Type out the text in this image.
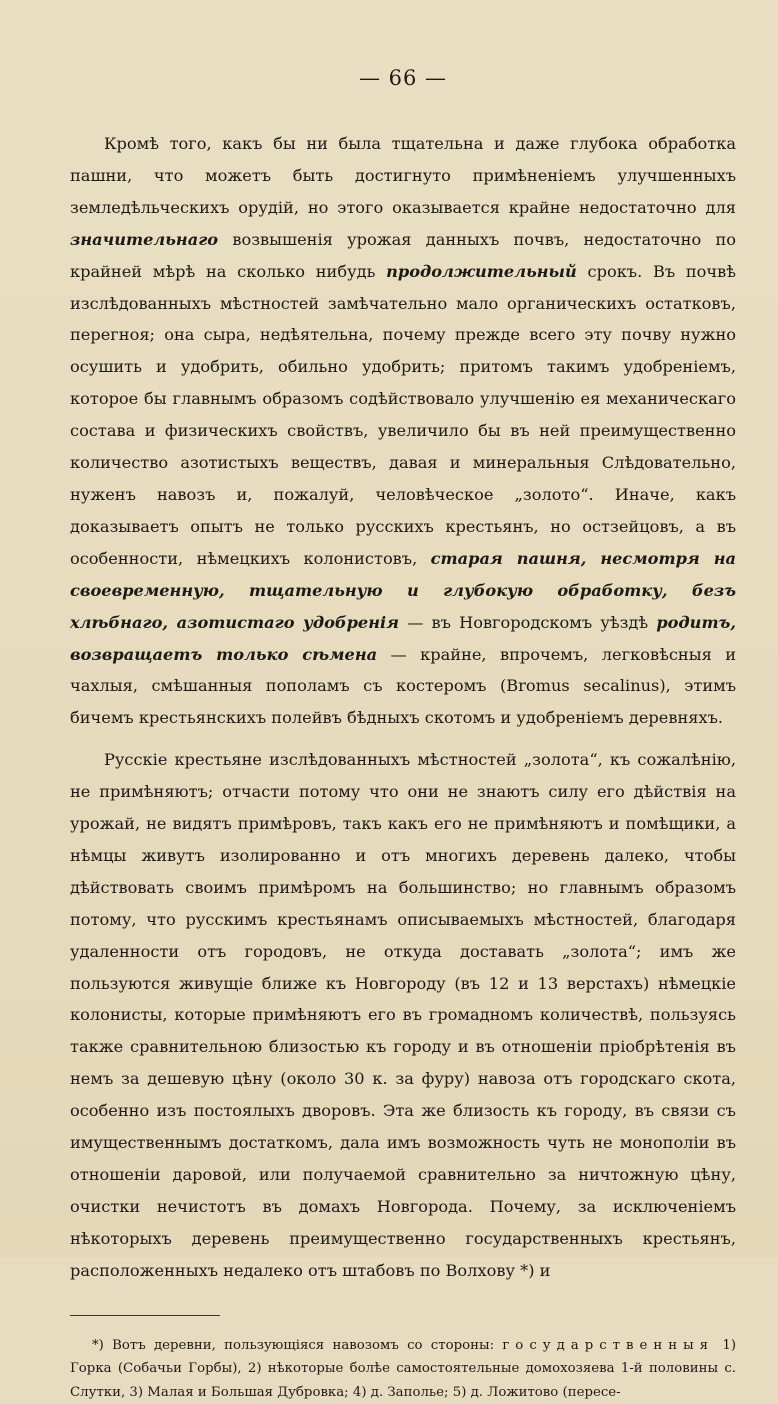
— 66 —

Кромѣ того, какъ бы ни была тщательна и даже глубока обработка пашни, что можетъ быть достигнуто примѣненіемъ улучшенныхъ земледѣльческихъ орудій, но этого оказывается крайне недостаточно для значительнаго возвышенія урожая данныхъ почвъ, недостаточно по крайней мѣрѣ на сколько нибудь продолжительный срокъ. Въ почвѣ изслѣдованныхъ мѣстностей замѣчательно мало органическихъ остатковъ, перегноя; она сыра, недѣятельна, почему прежде всего эту почву нужно осушить и удобрить, обильно удобрить; притомъ такимъ удобреніемъ, которое бы главнымъ образомъ содѣйствовало улучшенію ея механическаго состава и физическихъ свойствъ, увеличило бы въ ней преимущественно количество азотистыхъ веществъ, давая и минеральныя Слѣдовательно, нуженъ навозъ и, пожалуй, человѣческое „золото“. Иначе, какъ доказываетъ опытъ не только русскихъ крестьянъ, но остзейцовъ, а въ особенности, нѣмецкихъ колонистовъ, старая пашня, несмотря на своевременную, тщательную и глубокую обработку, безъ хлѣбнаго, азотистаго удобренія — въ Новгородскомъ уѣздѣ родитъ, возвращаетъ только сѣмена — крайне, впрочемъ, легковѣсныя и чахлыя, смѣшанныя пополамъ съ костеромъ (Bromus secalinus), этимъ бичемъ крестьянскихъ полейвъ бѣдныхъ скотомъ и удобреніемъ деревняхъ.

Русскіе крестьяне изслѣдованныхъ мѣстностей „золота“, къ сожалѣнію, не примѣняютъ; отчасти потому что они не знаютъ силу его дѣйствія на урожай, не видятъ примѣровъ, такъ какъ его не примѣняютъ и помѣщики, а нѣмцы живутъ изолированно и отъ многихъ деревень далеко, чтобы дѣйствовать своимъ примѣромъ на большинство; но главнымъ образомъ потому, что русскимъ крестьянамъ описываемыхъ мѣстностей, благодаря удаленности отъ городовъ, не откуда доставать „золота“; имъ же пользуются живущіе ближе къ Новгороду (въ 12 и 13 верстахъ) нѣмецкіе колонисты, которые примѣняютъ его въ громадномъ количествѣ, пользуясь также сравнительною близостью къ городу и въ отношеніи пріобрѣтенія въ немъ за дешевую цѣну (около 30 к. за фуру) навоза отъ городскаго скота, особенно изъ постоялыхъ дворовъ. Эта же близость къ городу, въ связи съ имущественнымъ достаткомъ, дала имъ возможность чуть не монополіи въ отношеніи даровой, или получаемой сравнительно за ничтожную цѣну, очистки нечистотъ въ домахъ Новгорода. Почему, за исключеніемъ нѣкоторыхъ деревень преимущественно государственныхъ крестьянъ, расположенныхъ недалеко отъ штабовъ по Волхову *) и

*) Вотъ деревни, пользующіяся навозомъ со стороны: государственныя 1) Горка (Собачьи Горбы), 2) нѣкоторые болѣе самостоятельные домохозяева 1-й половины с. Слутки, 3) Малая и Большая Дубровка; 4) д. Заполье; 5) д. Ложитово (пересе-
